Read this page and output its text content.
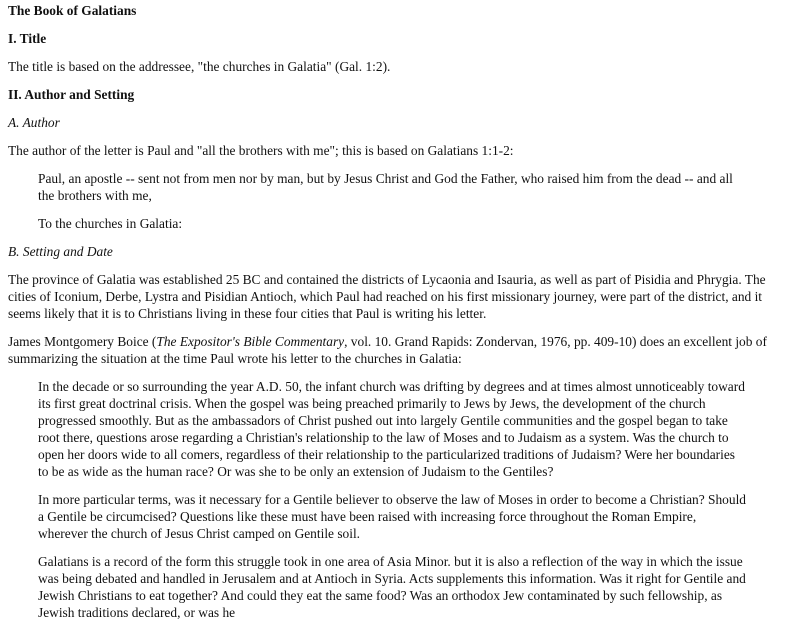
The Book of Galatians
I. Title

The title is based on the addressee, "the churches in Galatia" (Gal. 1:2).

II. Author and Setting
A. Author

The author of the letter is Paul and "all the brothers with me"; this is based on Galatians 1:1-2:

Paul, an apostle -- sent not from men nor by man, but by Jesus Christ and God the Father, who raised him from the dead -- and all the brothers with me,

To the churches in Galatia:

B. Setting and Date

The province of Galatia was established 25 BC and contained the districts of Lycaonia and Isauria, as well as part of Pisidia and Phrygia. The cities of Iconium, Derbe, Lystra and Pisidian Antioch, which Paul had reached on his first missionary journey, were part of the district, and it seems likely that it is to Christians living in these four cities that Paul is writing his letter.

James Montgomery Boice (The Expositor's Bible Commentary, vol. 10. Grand Rapids: Zondervan, 1976, pp. 409-10) does an excellent job of summarizing the situation at the time Paul wrote his letter to the churches in Galatia:

In the decade or so surrounding the year A.D. 50, the infant church was drifting by degrees and at times almost unnoticeably toward its first great doctrinal crisis. When the gospel was being preached primarily to Jews by Jews, the development of the church progressed smoothly. But as the ambassadors of Christ pushed out into largely Gentile communities and the gospel began to take root there, questions arose regarding a Christian's relationship to the law of Moses and to Judaism as a system. Was the church to open her doors wide to all comers, regardless of their relationship to the particularized traditions of Judaism? Were her boundaries to be as wide as the human race? Or was she to be only an extension of Judaism to the Gentiles?

In more particular terms, was it necessary for a Gentile believer to observe the law of Moses in order to become a Christian? Should a Gentile be circumcised? Questions like these must have been raised with increasing force throughout the Roman Empire, wherever the church of Jesus Christ camped on Gentile soil.

Galatians is a record of the form this struggle took in one area of Asia Minor. but it is also a reflection of the way in which the issue was being debated and handled in Jerusalem and at Antioch in Syria. Acts supplements this information. Was it right for Gentile and Jewish Christians to eat together? And could they eat the same food? Was an orthodox Jew contaminated by such fellowship, as Jewish traditions declared, or was he
